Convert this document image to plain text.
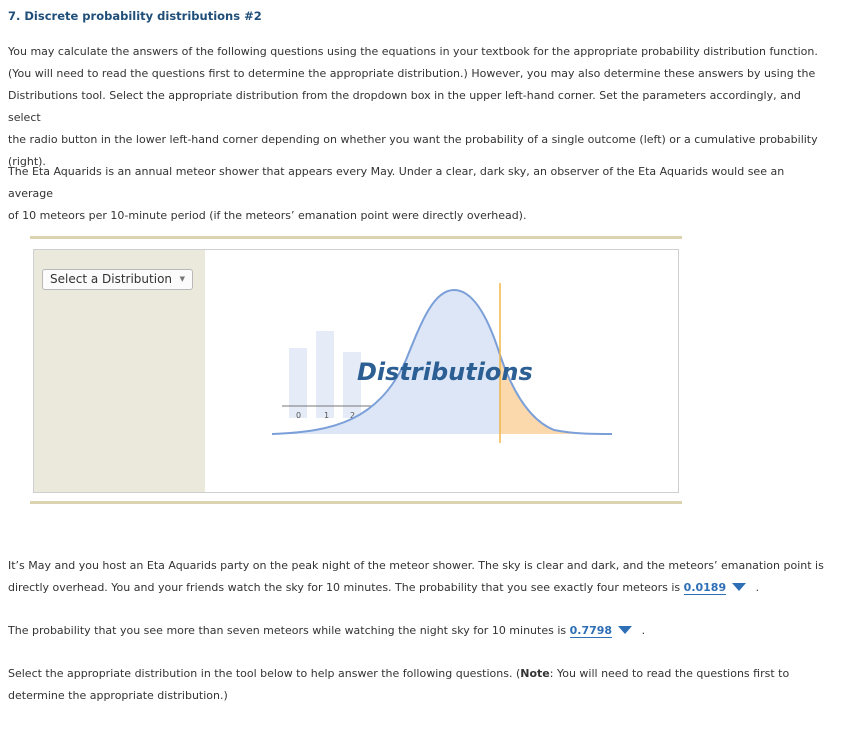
7. Discrete probability distributions #2
You may calculate the answers of the following questions using the equations in your textbook for the appropriate probability distribution function.
(You will need to read the questions first to determine the appropriate distribution.) However, you may also determine these answers by using the
Distributions tool. Select the appropriate distribution from the dropdown box in the upper left-hand corner. Set the parameters accordingly, and select
the radio button in the lower left-hand corner depending on whether you want the probability of a single outcome (left) or a cumulative probability
(right).
The Eta Aquarids is an annual meteor shower that appears every May. Under a clear, dark sky, an observer of the Eta Aquarids would see an average
of 10 meteors per 10-minute period (if the meteors’ emanation point were directly overhead).
Select a Distribution ▼
0	1	2
Distributions
It’s May and you host an Eta Aquarids party on the peak night of the meteor shower. The sky is clear and dark, and the meteors’ emanation point is
directly overhead. You and your friends watch the sky for 10 minutes. The probability that you see exactly four meteors is 0.0189	.
The probability that you see more than seven meteors while watching the night sky for 10 minutes is 0.7798	.
Select the appropriate distribution in the tool below to help answer the following questions. (Note: You will need to read the questions first to
determine the appropriate distribution.)
